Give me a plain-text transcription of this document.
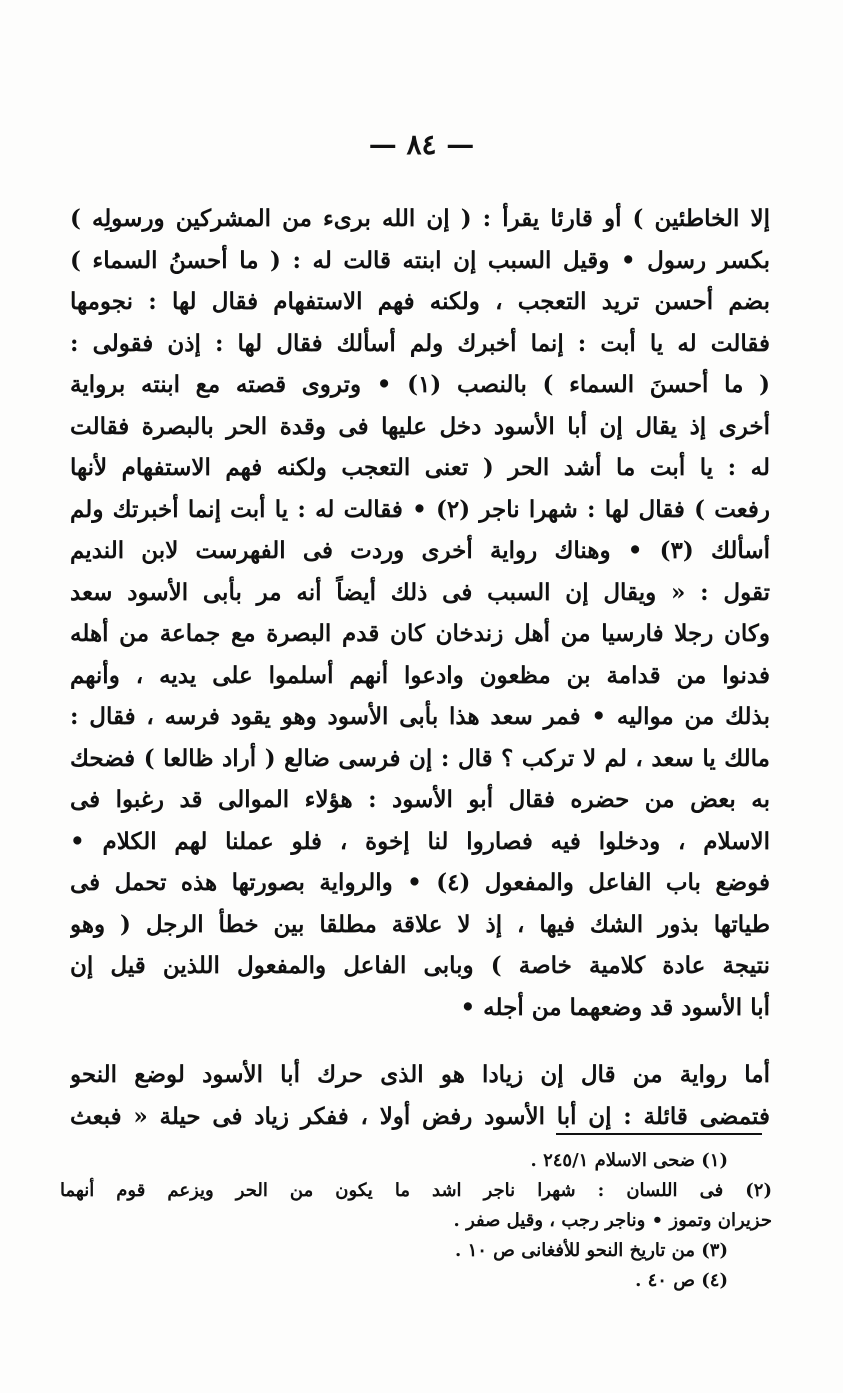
— ٨٤ —
إلا الخاطئين ) أو قارئا يقرأ : ( إن الله برىء من المشركين ورسولِه )
بكسر رسول • وقيل السبب إن ابنته قالت له : ( ما أحسنُ السماء )
بضم أحسن تريد التعجب ، ولكنه فهم الاستفهام فقال لها : نجومها
فقالت له يا أبت : إنما أخبرك ولم أسألك فقال لها : إذن فقولى :
( ما أحسنَ السماء ) بالنصب (١) • وتروى قصته مع ابنته برواية
أخرى إذ يقال إن أبا الأسود دخل عليها فى وقدة الحر بالبصرة فقالت
له : يا أبت ما أشد الحر ( تعنى التعجب ولكنه فهم الاستفهام لأنها
رفعت ) فقال لها : شهرا ناجر (٢) • فقالت له : يا أبت إنما أخبرتك ولم
أسألك (٣) • وهناك رواية أخرى وردت فى الفهرست لابن النديم
تقول : « ويقال إن السبب فى ذلك أيضاً أنه مر بأبى الأسود سعد
وكان رجلا فارسيا من أهل زندخان كان قدم البصرة مع جماعة من أهله
فدنوا من قدامة بن مظعون وادعوا أنهم أسلموا على يديه ، وأنهم
بذلك من مواليه • فمر سعد هذا بأبى الأسود وهو يقود فرسه ، فقال :
مالك يا سعد ، لم لا تركب ؟ قال : إن فرسى ضالع ( أراد ظالعا ) فضحك
به بعض من حضره فقال أبو الأسود : هؤلاء الموالى قد رغبوا فى
الاسلام ، ودخلوا فيه فصاروا لنا إخوة ، فلو عملنا لهم الكلام •
فوضع باب الفاعل والمفعول (٤) • والرواية بصورتها هذه تحمل فى
طياتها بذور الشك فيها ، إذ لا علاقة مطلقا بين خطأ الرجل ( وهو
نتيجة عادة كلامية خاصة ) وبابى الفاعل والمفعول اللذين قيل إن
أبا الأسود قد وضعهما من أجله •
أما رواية من قال إن زيادا هو الذى حرك أبا الأسود لوضع النحو
فتمضى قائلة : إن أبا الأسود رفض أولا ، ففكر زياد فى حيلة « فبعث
(١) ضحى الاسلام ٢٤٥/١ .
(٢) فى اللسان : شهرا ناجر اشد ما يكون من الحر ويزعم قوم أنهما
حزيران وتموز • وناجر رجب ، وقيل صفر .
(٣) من تاريخ النحو للأفغانى ص ١٠ .
(٤) ص ٤٠ .
